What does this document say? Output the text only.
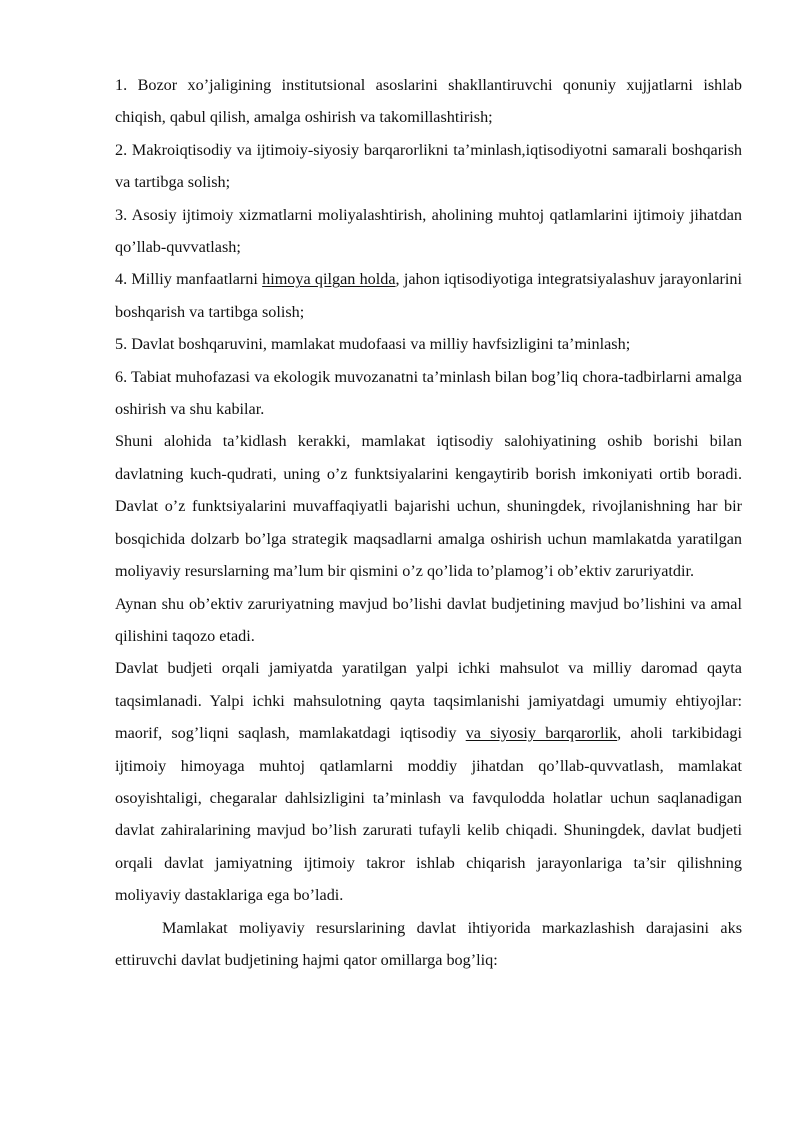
1. Bozor xo’jaligining institutsional asoslarini shakllantiruvchi qonuniy xujjatlarni ishlab chiqish, qabul qilish, amalga oshirish va takomillashtirish;

2. Makroiqtisodiy va ijtimoiy-siyosiy barqarorlikni ta’minlash,iqtisodiyotni samarali boshqarish va tartibga solish;

3. Asosiy ijtimoiy xizmatlarni moliyalashtirish, aholining muhtoj qatlamlarini ijtimoiy jihatdan qo’llab-quvvatlash;

4. Milliy manfaatlarni himoya qilgan holda, jahon iqtisodiyotiga integratsiyalashuv jarayonlarini boshqarish va tartibga solish;

5. Davlat boshqaruvini, mamlakat mudofaasi va milliy havfsizligini ta’minlash;

6. Tabiat muhofazasi va ekologik muvozanatni ta’minlash bilan bog’liq chora-tadbirlarni amalga oshirish va shu kabilar.

Shuni alohida ta’kidlash kerakki, mamlakat iqtisodiy salohiyatining oshib borishi bilan davlatning kuch-qudrati, uning o’z funktsiyalarini kengaytirib borish imkoniyati ortib boradi. Davlat o’z funktsiyalarini muvaffaqiyatli bajarishi uchun, shuningdek, rivojlanishning har bir bosqichida dolzarb bo’lga strategik maqsadlarni amalga oshirish uchun mamlakatda yaratilgan moliyaviy resurslarning ma’lum bir qismini o’z qo’lida to’plamog’i ob’ektiv zaruriyatdir.

Aynan shu ob’ektiv zaruriyatning mavjud bo’lishi davlat budjetining mavjud bo’lishini va amal qilishini taqozo etadi.

Davlat budjeti orqali jamiyatda yaratilgan yalpi ichki mahsulot va milliy daromad qayta taqsimlanadi. Yalpi ichki mahsulotning qayta taqsimlanishi jamiyatdagi umumiy ehtiyojlar: maorif, sog’liqni saqlash, mamlakatdagi iqtisodiy va siyosiy barqarorlik, aholi tarkibidagi ijtimoiy himoyaga muhtoj qatlamlarni moddiy jihatdan qo’llab-quvvatlash, mamlakat osoyishtaligi, chegaralar dahlsizligini ta’minlash va favqulodda holatlar uchun saqlanadigan davlat zahiralarining mavjud bo’lish zarurati tufayli kelib chiqadi. Shuningdek, davlat budjeti orqali davlat jamiyatning ijtimoiy takror ishlab chiqarish jarayonlariga ta’sir qilishning moliyaviy dastaklariga ega bo’ladi.

Mamlakat moliyaviy resurslarining davlat ihtiyorida markazlashish darajasini aks ettiruvchi davlat budjetining hajmi qator omillarga bog’liq:
